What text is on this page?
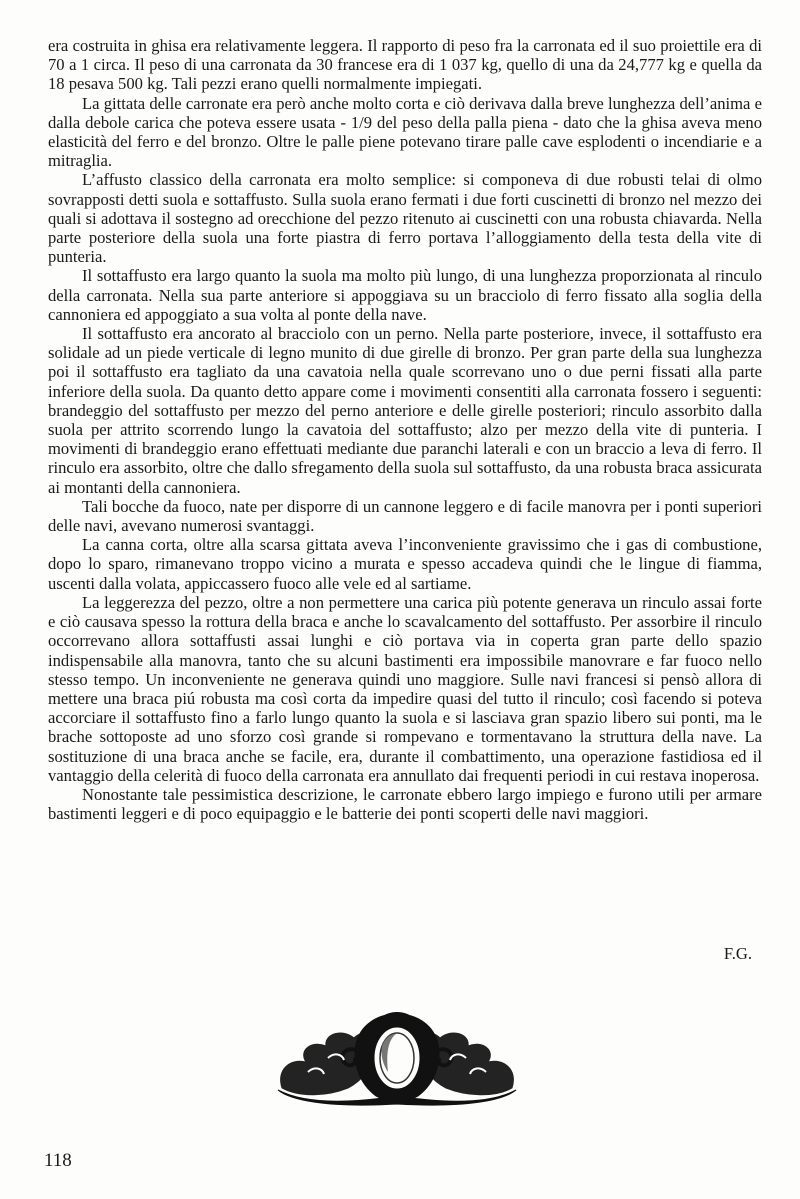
era costruita in ghisa era relativamente leggera. Il rapporto di peso fra la carronata ed il suo proiettile era di 70 a 1 circa. Il peso di una carronata da 30 francese era di 1 037 kg, quello di una da 24,777 kg e quella da 18 pesava 500 kg. Tali pezzi erano quelli normalmente impiegati.

La gittata delle carronate era però anche molto corta e ciò derivava dalla breve lunghezza dell’anima e dalla debole carica che poteva essere usata - 1/9 del peso della palla piena - dato che la ghisa aveva meno elasticità del ferro e del bronzo. Oltre le palle piene potevano tirare palle cave esplodenti o incendiarie e a mitraglia.

L’affusto classico della carronata era molto semplice: si componeva di due robusti telai di olmo sovrapposti detti suola e sottaffusto. Sulla suola erano fermati i due forti cuscinetti di bronzo nel mezzo dei quali si adottava il sostegno ad orecchione del pezzo ritenuto ai cuscinetti con una robusta chiavarda. Nella parte posteriore della suola una forte piastra di ferro portava l’alloggiamento della testa della vite di punteria.

Il sottaffusto era largo quanto la suola ma molto più lungo, di una lunghezza proporzionata al rinculo della carronata. Nella sua parte anteriore si appoggiava su un bracciolo di ferro fissato alla soglia della cannoniera ed appoggiato a sua volta al ponte della nave.

Il sottaffusto era ancorato al bracciolo con un perno. Nella parte posteriore, invece, il sottaffusto era solidale ad un piede verticale di legno munito di due girelle di bronzo. Per gran parte della sua lunghezza poi il sottaffusto era tagliato da una cavatoia nella quale scorrevano uno o due perni fissati alla parte inferiore della suola. Da quanto detto appare come i movimenti consentiti alla carronata fossero i seguenti: brandeggio del sottaffusto per mezzo del perno anteriore e delle girelle posteriori; rinculo assorbito dalla suola per attrito scorrendo lungo la cavatoia del sottaffusto; alzo per mezzo della vite di punteria. I movimenti di brandeggio erano effettuati mediante due paranchi laterali e con un braccio a leva di ferro. Il rinculo era assorbito, oltre che dallo sfregamento della suola sul sottaffusto, da una robusta braca assicurata ai montanti della cannoniera.

Tali bocche da fuoco, nate per disporre di un cannone leggero e di facile manovra per i ponti superiori delle navi, avevano numerosi svantaggi.

La canna corta, oltre alla scarsa gittata aveva l’inconveniente gravissimo che i gas di combustione, dopo lo sparo, rimanevano troppo vicino a murata e spesso accadeva quindi che le lingue di fiamma, uscenti dalla volata, appiccassero fuoco alle vele ed al sartiame.

La leggerezza del pezzo, oltre a non permettere una carica più potente generava un rinculo assai forte e ciò causava spesso la rottura della braca e anche lo scavalcamento del sottaffusto. Per assorbire il rinculo occorrevano allora sottaffusti assai lunghi e ciò portava via in coperta gran parte dello spazio indispensabile alla manovra, tanto che su alcuni bastimenti era impossibile manovrare e far fuoco nello stesso tempo. Un inconveniente ne generava quindi uno maggiore. Sulle navi francesi si pensò allora di mettere una braca piú robusta ma così corta da impedire quasi del tutto il rinculo; così facendo si poteva accorciare il sottaffusto fino a farlo lungo quanto la suola e si lasciava gran spazio libero sui ponti, ma le brache sottoposte ad uno sforzo così grande si rompevano e tormentavano la struttura della nave. La sostituzione di una braca anche se facile, era, durante il combattimento, una operazione fastidiosa ed il vantaggio della celerità di fuoco della carronata era annullato dai frequenti periodi in cui restava inoperosa.

Nonostante tale pessimistica descrizione, le carronate ebbero largo impiego e furono utili per armare bastimenti leggeri e di poco equipaggio e le batterie dei ponti scoperti delle navi maggiori.

F.G.
118
